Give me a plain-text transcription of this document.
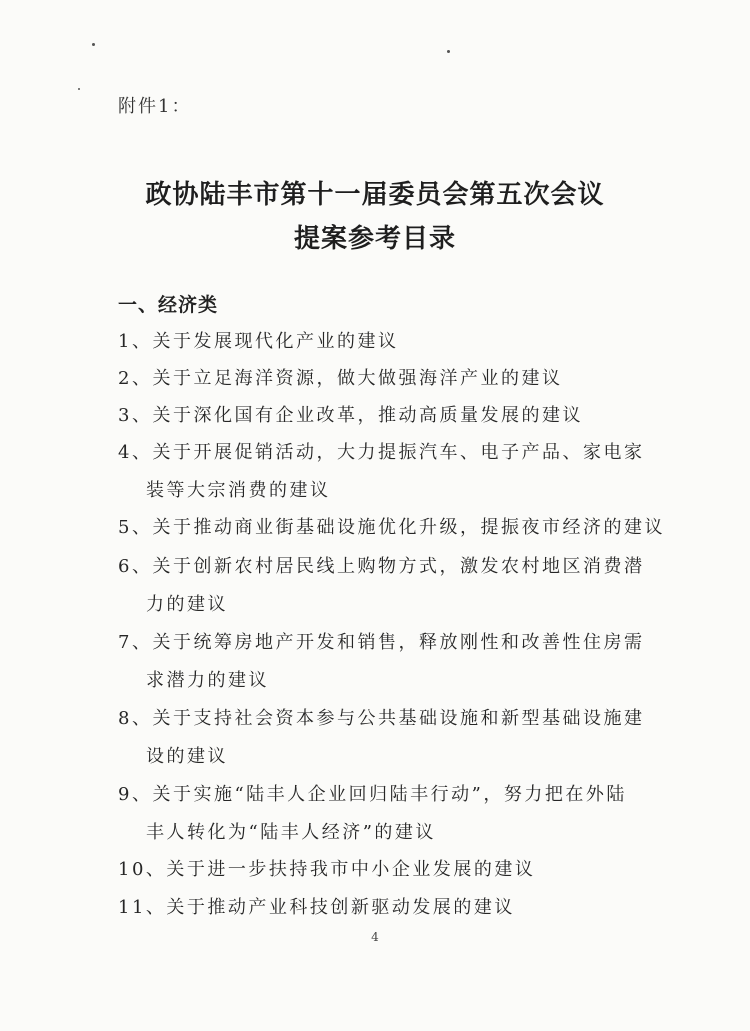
附件1：
政协陆丰市第十一届委员会第五次会议
提案参考目录
一、经济类
1、关于发展现代化产业的建议
2、关于立足海洋资源，做大做强海洋产业的建议
3、关于深化国有企业改革，推动高质量发展的建议
4、关于开展促销活动，大力提振汽车、电子产品、家电家
装等大宗消费的建议
5、关于推动商业街基础设施优化升级，提振夜市经济的建议
6、关于创新农村居民线上购物方式，激发农村地区消费潜
力的建议
7、关于统筹房地产开发和销售，释放刚性和改善性住房需
求潜力的建议
8、关于支持社会资本参与公共基础设施和新型基础设施建
设的建议
9、关于实施“陆丰人企业回归陆丰行动”，努力把在外陆
丰人转化为“陆丰人经济”的建议
10、关于进一步扶持我市中小企业发展的建议
11、关于推动产业科技创新驱动发展的建议
4
